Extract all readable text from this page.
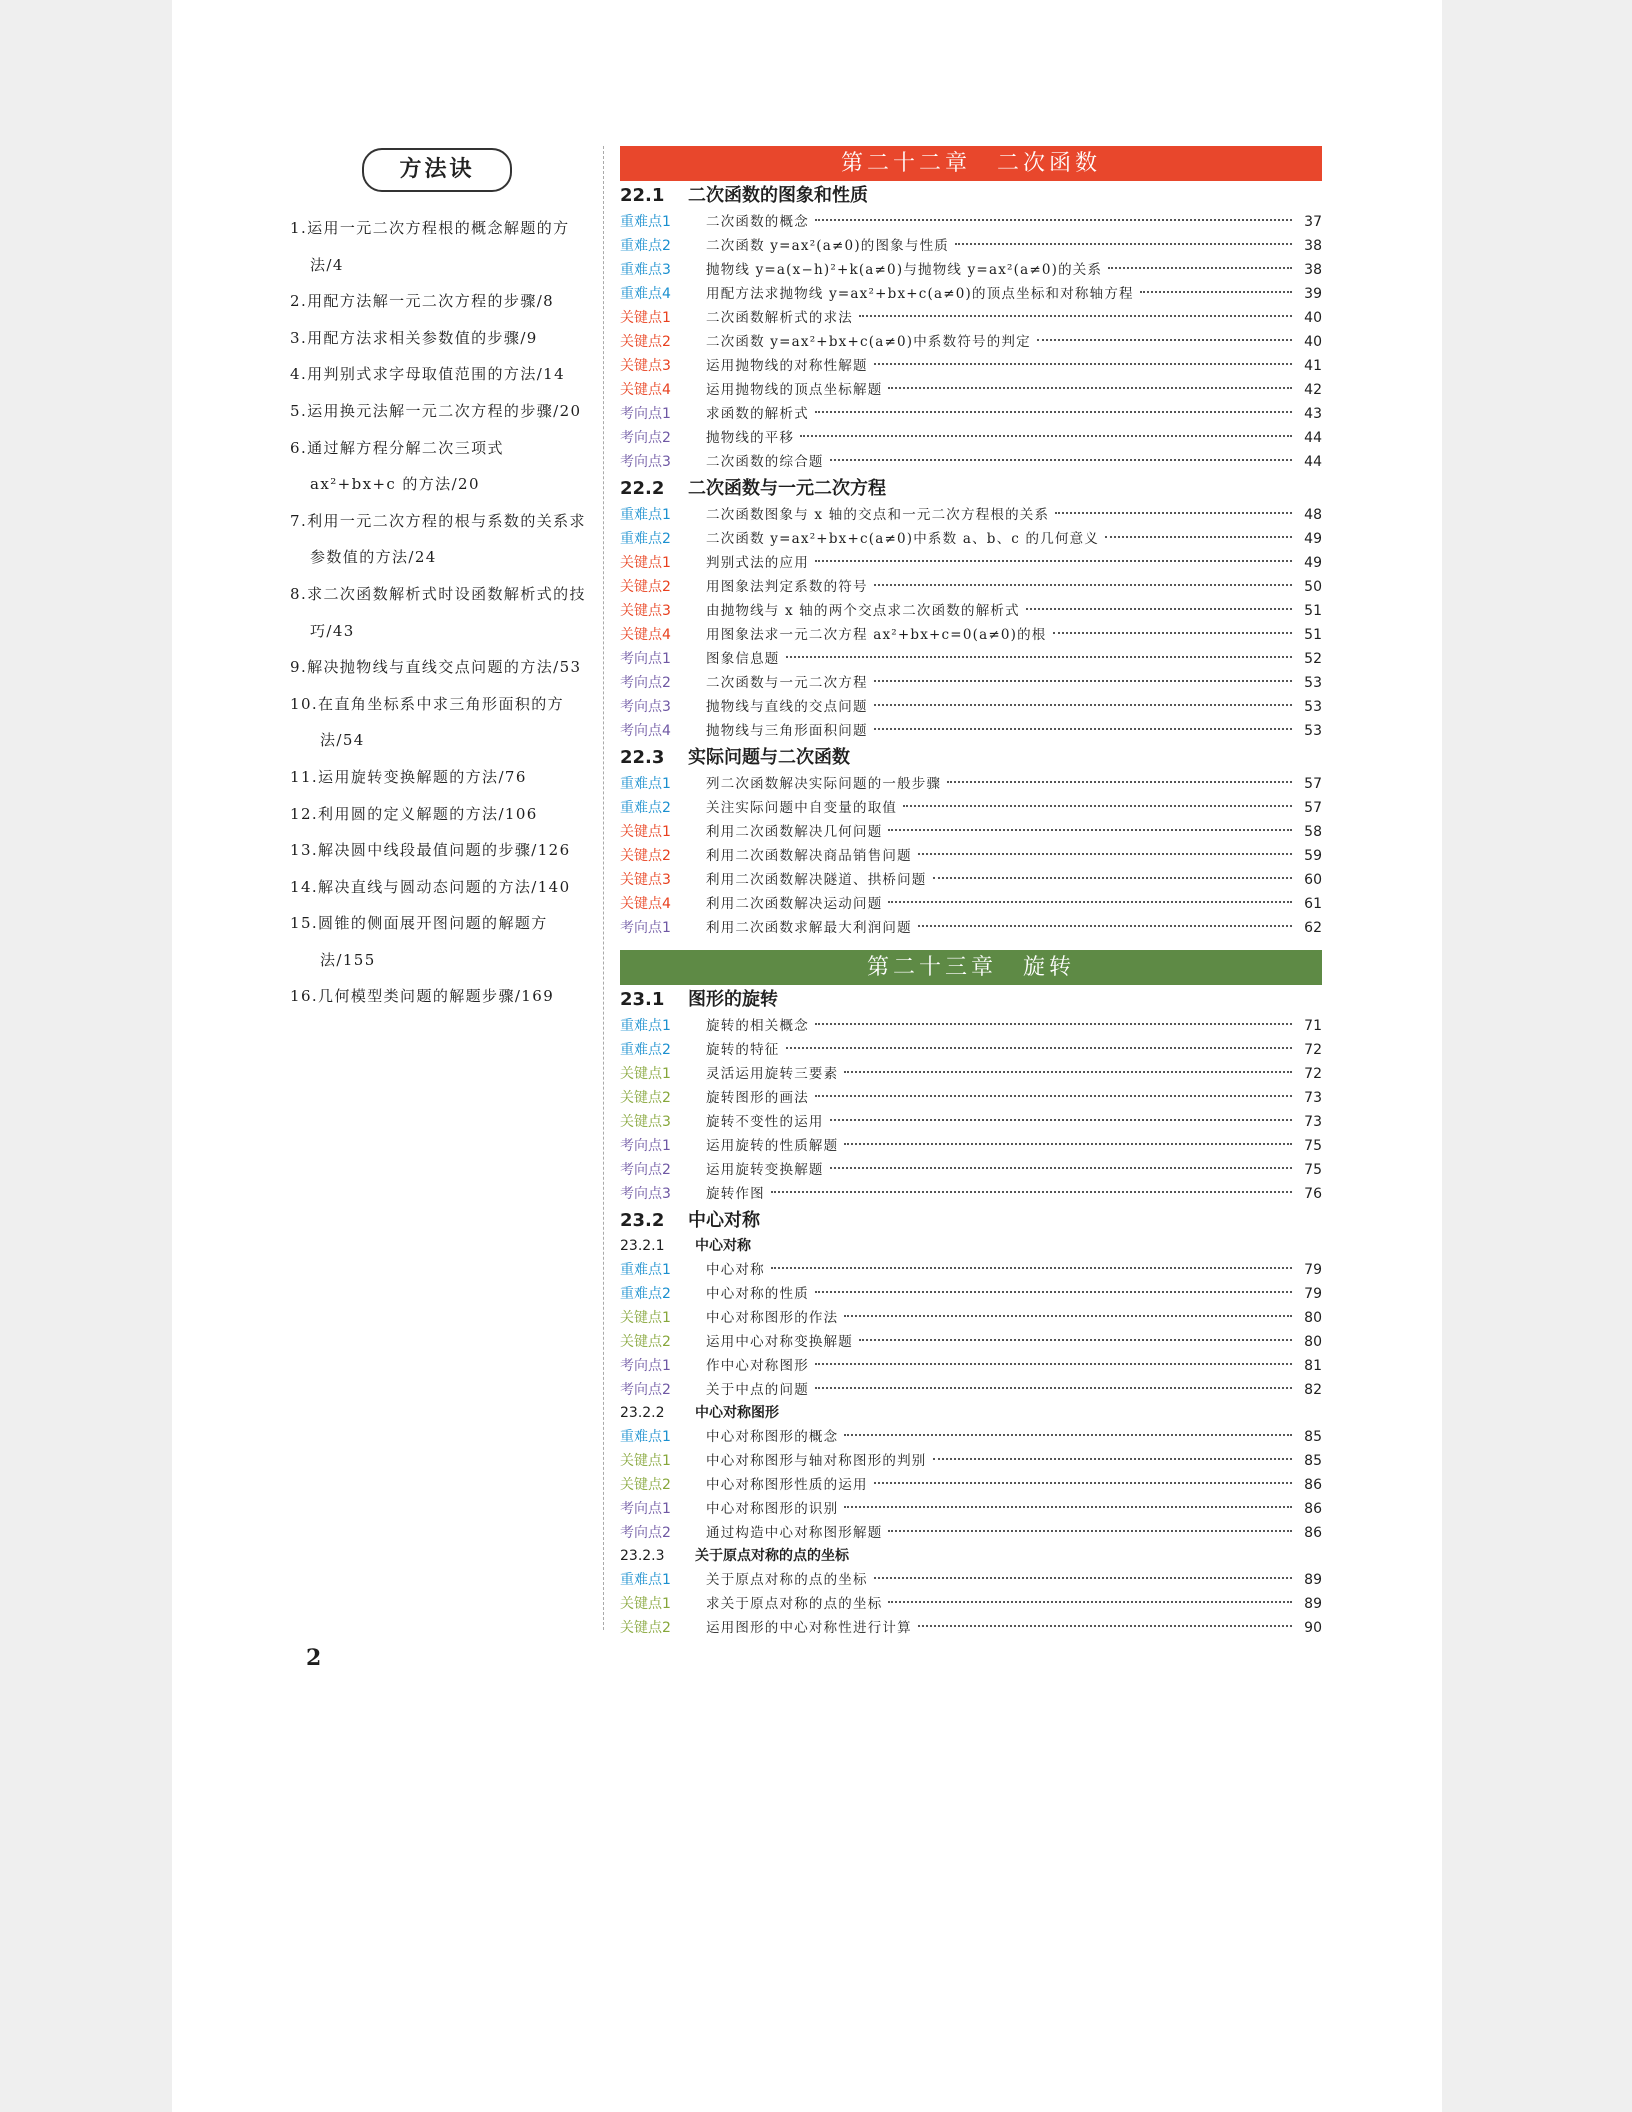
方法诀
1.运用一元二次方程根的概念解题的方法/4
2.用配方法解一元二次方程的步骤/8
3.用配方法求相关参数值的步骤/9
4.用判别式求字母取值范围的方法/14
5.运用换元法解一元二次方程的步骤/20
6.通过解方程分解二次三项式 ax²+bx+c 的方法/20
7.利用一元二次方程的根与系数的关系求参数值的方法/24
8.求二次函数解析式时设函数解析式的技巧/43
9.解决抛物线与直线交点问题的方法/53
10.在直角坐标系中求三角形面积的方法/54
11.运用旋转变换解题的方法/76
12.利用圆的定义解题的方法/106
13.解决圆中线段最值问题的步骤/126
14.解决直线与圆动态问题的方法/140
15.圆锥的侧面展开图问题的解题方法/155
16.几何模型类问题的解题步骤/169
2
第二十二章　二次函数
22.1 二次函数的图象和性质
重难点1	二次函数的概念	37
重难点2	二次函数 y=ax²(a≠0)的图象与性质	38
重难点3	抛物线 y=a(x−h)²+k(a≠0)与抛物线 y=ax²(a≠0)的关系	38
重难点4	用配方法求抛物线 y=ax²+bx+c(a≠0)的顶点坐标和对称轴方程	39
关键点1	二次函数解析式的求法	40
关键点2	二次函数 y=ax²+bx+c(a≠0)中系数符号的判定	40
关键点3	运用抛物线的对称性解题	41
关键点4	运用抛物线的顶点坐标解题	42
考向点1	求函数的解析式	43
考向点2	抛物线的平移	44
考向点3	二次函数的综合题	44
22.2 二次函数与一元二次方程
重难点1	二次函数图象与 x 轴的交点和一元二次方程根的关系	48
重难点2	二次函数 y=ax²+bx+c(a≠0)中系数 a、b、c 的几何意义	49
关键点1	判别式法的应用	49
关键点2	用图象法判定系数的符号	50
关键点3	由抛物线与 x 轴的两个交点求二次函数的解析式	51
关键点4	用图象法求一元二次方程 ax²+bx+c=0(a≠0)的根	51
考向点1	图象信息题	52
考向点2	二次函数与一元二次方程	53
考向点3	抛物线与直线的交点问题	53
考向点4	抛物线与三角形面积问题	53
22.3 实际问题与二次函数
重难点1	列二次函数解决实际问题的一般步骤	57
重难点2	关注实际问题中自变量的取值	57
关键点1	利用二次函数解决几何问题	58
关键点2	利用二次函数解决商品销售问题	59
关键点3	利用二次函数解决隧道、拱桥问题	60
关键点4	利用二次函数解决运动问题	61
考向点1	利用二次函数求解最大利润问题	62
第二十三章　旋转
23.1 图形的旋转
重难点1	旋转的相关概念	71
重难点2	旋转的特征	72
关键点1	灵活运用旋转三要素	72
关键点2	旋转图形的画法	73
关键点3	旋转不变性的运用	73
考向点1	运用旋转的性质解题	75
考向点2	运用旋转变换解题	75
考向点3	旋转作图	76
23.2 中心对称
23.2.1 中心对称
重难点1	中心对称	79
重难点2	中心对称的性质	79
关键点1	中心对称图形的作法	80
关键点2	运用中心对称变换解题	80
考向点1	作中心对称图形	81
考向点2	关于中点的问题	82
23.2.2 中心对称图形
重难点1	中心对称图形的概念	85
关键点1	中心对称图形与轴对称图形的判别	85
关键点2	中心对称图形性质的运用	86
考向点1	中心对称图形的识别	86
考向点2	通过构造中心对称图形解题	86
23.2.3 关于原点对称的点的坐标
重难点1	关于原点对称的点的坐标	89
关键点1	求关于原点对称的点的坐标	89
关键点2	运用图形的中心对称性进行计算	90
